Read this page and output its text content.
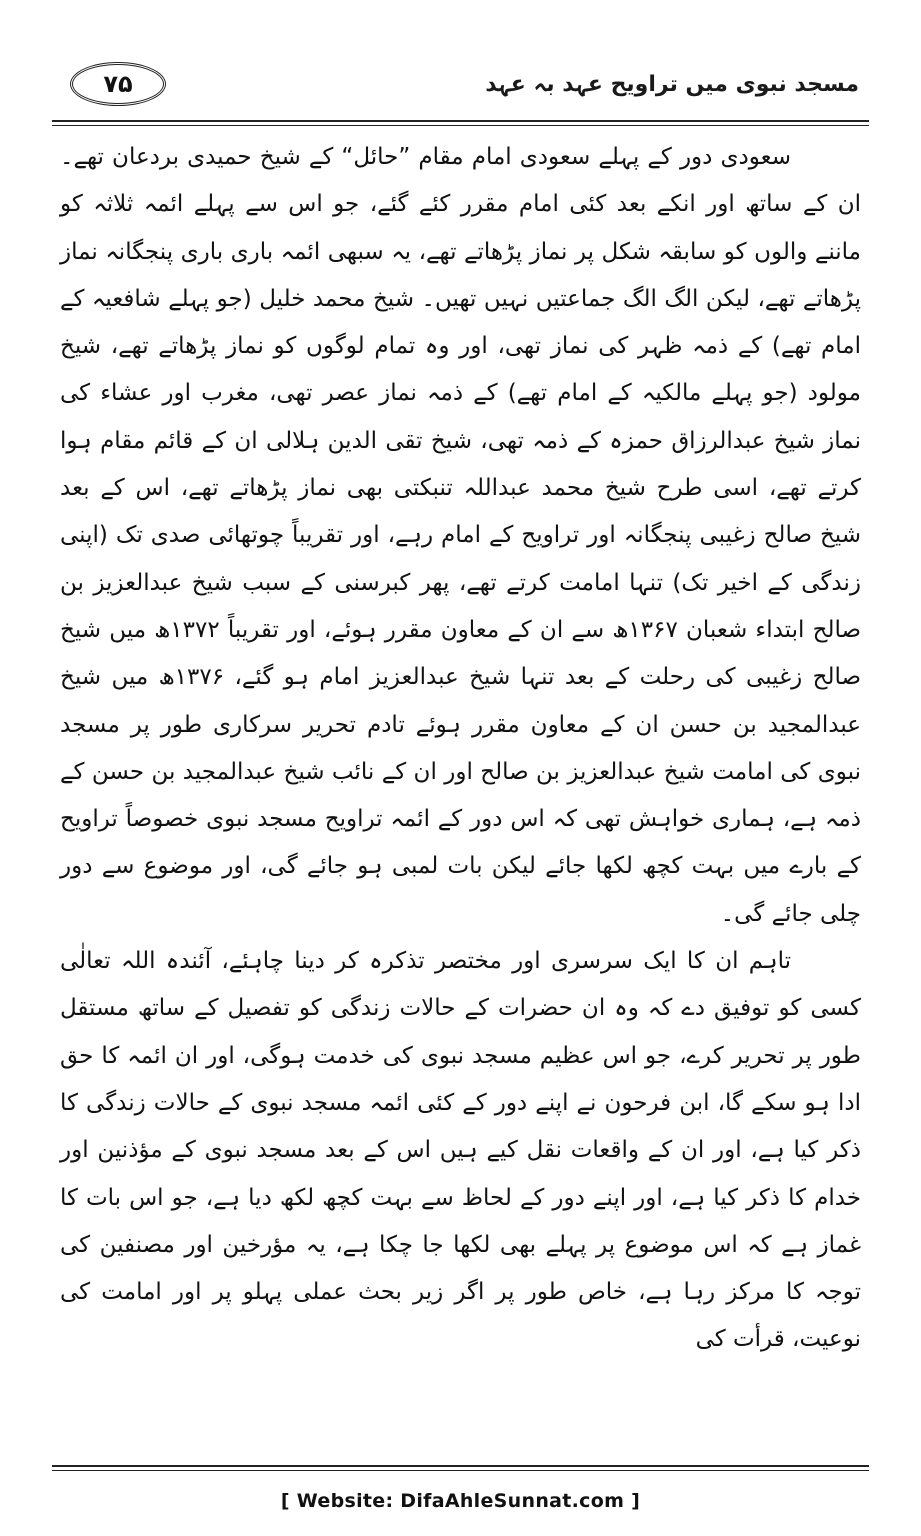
مسجد نبوی میں تراویح عہد بہ عہد
۷۵

سعودی دور کے پہلے سعودی امام مقام ”حائل“ کے شیخ حمیدی بردعان تھے۔ ان کے ساتھ اور انکے بعد کئی امام مقرر کئے گئے، جو اس سے پہلے ائمہ ثلاثہ کو ماننے والوں کو سابقہ شکل پر نماز پڑھاتے تھے، یہ سبھی ائمہ باری باری پنجگانہ نماز پڑھاتے تھے، لیکن الگ الگ جماعتیں نہیں تھیں۔ شیخ محمد خلیل (جو پہلے شافعیہ کے امام تھے) کے ذمہ ظہر کی نماز تھی، اور وہ تمام لوگوں کو نماز پڑھاتے تھے، شیخ مولود (جو پہلے مالکیہ کے امام تھے) کے ذمہ نماز عصر تھی، مغرب اور عشاء کی نماز شیخ عبدالرزاق حمزہ کے ذمہ تھی، شیخ تقی الدین ہلالی ان کے قائم مقام ہوا کرتے تھے، اسی طرح شیخ محمد عبداللہ تنبکتی بھی نماز پڑھاتے تھے، اس کے بعد شیخ صالح زغیبی پنجگانہ اور تراویح کے امام رہے، اور تقریباً چوتھائی صدی تک (اپنی زندگی کے اخیر تک) تنہا امامت کرتے تھے، پھر کبرسنی کے سبب شیخ عبدالعزیز بن صالح ابتداء شعبان ۱۳۶۷ھ سے ان کے معاون مقرر ہوئے، اور تقریباً ۱۳۷۲ھ میں شیخ صالح زغیبی کی رحلت کے بعد تنہا شیخ عبدالعزیز امام ہو گئے، ۱۳۷۶ھ میں شیخ عبدالمجید بن حسن ان کے معاون مقرر ہوئے تادم تحریر سرکاری طور پر مسجد نبوی کی امامت شیخ عبدالعزیز بن صالح اور ان کے نائب شیخ عبدالمجید بن حسن کے ذمہ ہے، ہماری خواہش تھی کہ اس دور کے ائمہ تراویح مسجد نبوی خصوصاً تراویح کے بارے میں بہت کچھ لکھا جائے لیکن بات لمبی ہو جائے گی، اور موضوع سے دور چلی جائے گی۔

تاہم ان کا ایک سرسری اور مختصر تذکرہ کر دینا چاہئے، آئندہ اللہ تعالٰی کسی کو توفیق دے کہ وہ ان حضرات کے حالات زندگی کو تفصیل کے ساتھ مستقل طور پر تحریر کرے، جو اس عظیم مسجد نبوی کی خدمت ہوگی، اور ان ائمہ کا حق ادا ہو سکے گا، ابن فرحون نے اپنے دور کے کئی ائمہ مسجد نبوی کے حالات زندگی کا ذکر کیا ہے، اور ان کے واقعات نقل کیے ہیں اس کے بعد مسجد نبوی کے مؤذنین اور خدام کا ذکر کیا ہے، اور اپنے دور کے لحاظ سے بہت کچھ لکھ دیا ہے، جو اس بات کا غماز ہے کہ اس موضوع پر پہلے بھی لکھا جا چکا ہے، یہ مؤرخین اور مصنفین کی توجہ کا مرکز رہا ہے، خاص طور پر اگر زیر بحث عملی پہلو پر اور امامت کی نوعیت، قرأت کی

[ Website: DifaAhleSunnat.com ]
